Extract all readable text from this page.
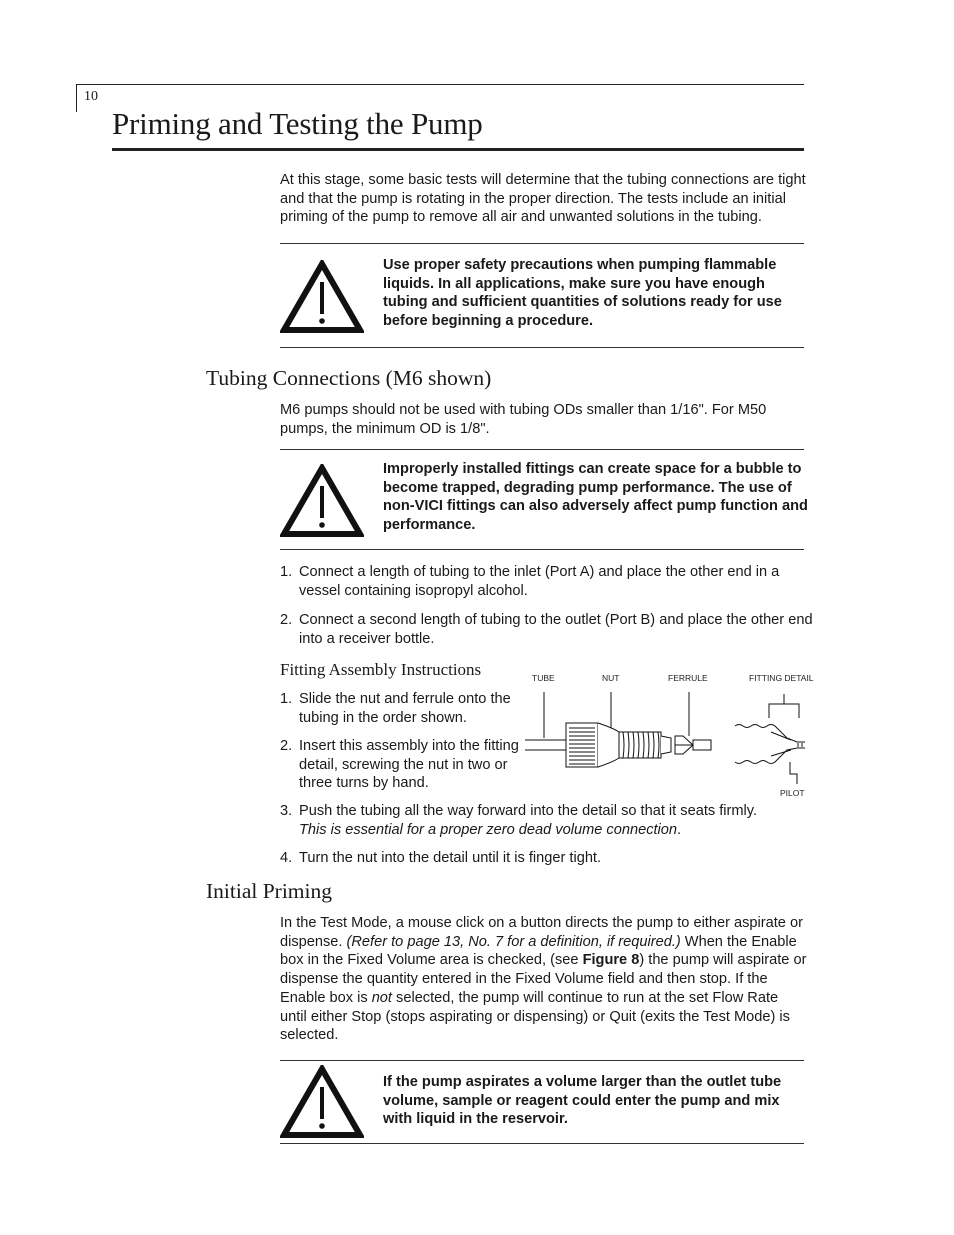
10
Priming and Testing the Pump

At this stage, some basic tests will determine that the tubing connections are tight and that the pump is rotating in the proper direction. The tests include an initial priming of the pump to remove all air and unwanted solutions in the tubing.

Use proper safety precautions when pumping flammable liquids. In all applications, make sure you have enough tubing and sufficient quantities of solutions ready for use before beginning a procedure.
Tubing Connections (M6 shown)

M6 pumps should not be used with tubing ODs smaller than 1/16". For M50 pumps, the minimum OD is 1/8".

Improperly installed fittings can create space for a bubble to become trapped, degrading pump performance. The use of non-VICI fittings can also adversely affect pump function and performance.
1. Connect a length of tubing to the inlet (Port A) and place the other end in a vessel containing isopropyl alcohol.
2. Connect a second length of tubing to the outlet (Port B) and place the other end into a receiver bottle.
Fitting Assembly Instructions
1. Slide the nut and ferrule onto the tubing in the order shown.
2. Insert this assembly into the fitting detail, screwing the nut in two or three turns by hand.
TUBE	NUT	FERRULE	FITTING DETAIL
PILOT
3. Push the tubing all the way forward into the detail so that it seats firmly.
This is essential for a proper zero dead volume connection.
4. Turn the nut into the detail until it is finger tight.
Initial Priming

In the Test Mode, a mouse click on a button directs the pump to either aspirate or dispense. (Refer to page 13, No. 7 for a definition, if required.) When the Enable box in the Fixed Volume area is checked, (see Figure 8) the pump will aspirate or dispense the quantity entered in the Fixed Volume field and then stop. If the Enable box is not selected, the pump will continue to run at the set Flow Rate until either Stop (stops aspirating or dispensing) or Quit (exits the Test Mode) is selected.

If the pump aspirates a volume larger than the outlet tube volume, sample or reagent could enter the pump and mix with liquid in the reservoir.
